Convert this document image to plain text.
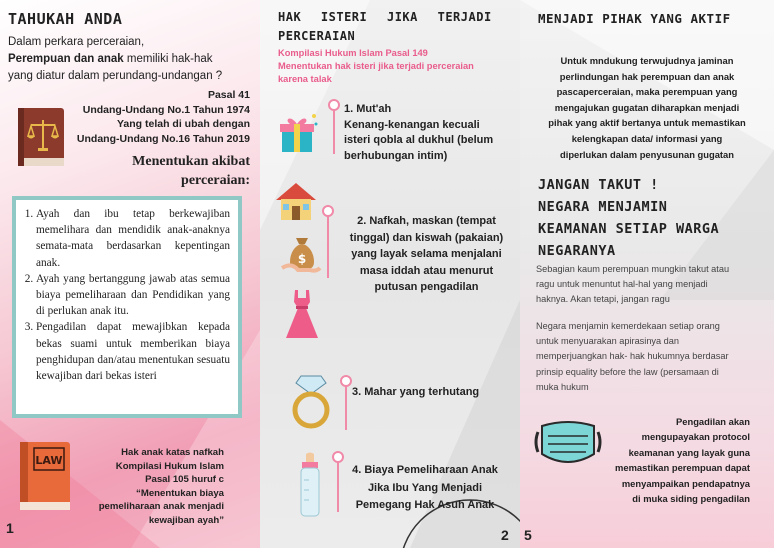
TAHUKAH ANDA
Dalam perkara perceraian,
Perempuan dan anak memiliki hak-hak
yang diatur dalam perundang-undangan ?
Pasal 41
Undang-Undang No.1 Tahun 1974
Yang telah di ubah dengan
Undang-Undang No.16 Tahun 2019
Menentukan akibat
perceraian:
1. Ayah dan ibu tetap berkewajiban memelihara dan mendidik anak-anaknya semata-mata berdasarkan kepentingan anak.
2. Ayah yang bertanggung jawab atas semua biaya pemeliharaan dan Pendidikan yang di perlukan anak itu.
3. Pengadilan dapat mewajibkan kepada bekas suami untuk memberikan biaya penghidupan dan/atau menentukan sesuatu kewajiban dari bekas isteri
LAW
Hak anak katas nafkah
Kompilasi Hukum Islam
Pasal 105 huruf c
“Menentukan biaya
pemeliharaan anak menjadi
kewajiban ayah”
1
HAK ISTERI JIKA TERJADI
PERCERAIAN
Kompilasi Hukum Islam Pasal 149
Menentukan hak isteri jika terjadi perceraian
karena talak
1. Mut'ah
Kenang-kenangan kecuali
isteri qobla al dukhul (belum
berhubungan intim)
$
2. Nafkah, maskan (tempat
tinggal) dan kiswah (pakaian)
yang layak selama menjalani
masa iddah atau menurut
putusan pengadilan
3. Mahar yang terhutang
4. Biaya Pemeliharaan Anak
Jika Ibu Yang Menjadi
Pemegang Hak Asuh Anak
2
MENJADI PIHAK YANG AKTIF
Untuk mndukung terwujudnya jaminan
perlindungan hak perempuan dan anak
pascaperceraian, maka perempuan yang
mengajukan gugatan diharapkan menjadi
pihak yang aktif bertanya untuk memastikan
kelengkapan data/ informasi yang
diperlukan dalam penyusunan gugatan
JANGAN TAKUT !
NEGARA MENJAMIN
KEAMANAN SETIAP WARGA
NEGARANYA
Sebagian kaum perempuan mungkin takut atau
ragu untuk menuntut hal-hal yang menjadi
haknya. Akan tetapi, jangan ragu
Negara menjamin kemerdekaan setiap orang
untuk menyuarakan apirasinya dan
memperjuangkan hak- hak hukumnya berdasar
prinsip equality before the law (persamaan di
muka hukum
Pengadilan akan
mengupayakan protocol
keamanan yang layak guna
memastikan perempuan dapat
menyampaikan pendapatnya
di muka siding pengadilan
5
